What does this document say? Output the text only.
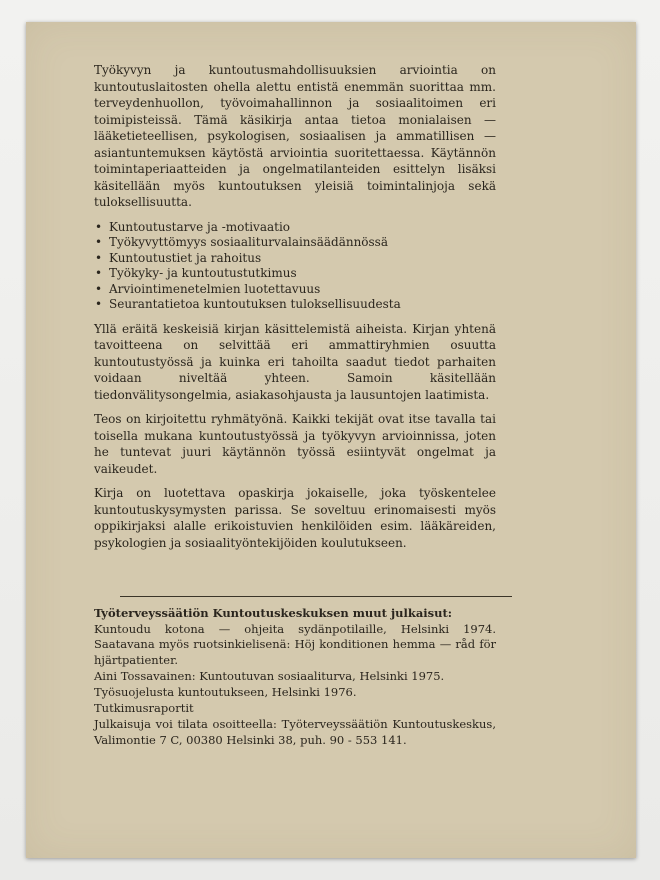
Työkyvyn ja kuntoutusmahdollisuuksien arviointia on kuntoutuslaitosten ohella alettu entistä enemmän suorittaa mm. terveydenhuollon, työvoimahallinnon ja sosiaalitoimen eri toimipisteissä. Tämä käsikirja antaa tietoa monialaisen — lääketieteellisen, psykologisen, sosiaalisen ja ammatillisen — asiantuntemuksen käytöstä arviointia suoritettaessa. Käytännön toimintaperiaatteiden ja ongelmatilanteiden esittelyn lisäksi käsitellään myös kuntoutuksen yleisiä toimintalinjoja sekä tuloksellisuutta.

• Kuntoutustarve ja -motivaatio
• Työkyvyttömyys sosiaaliturvalainsäädännössä
• Kuntoutustiet ja rahoitus
• Työkyky- ja kuntoutustutkimus
• Arviointimenetelmien luotettavuus
• Seurantatietoa kuntoutuksen tuloksellisuudesta

Yllä eräitä keskeisiä kirjan käsittelemistä aiheista. Kirjan yhtenä tavoitteena on selvittää eri ammattiryhmien osuutta kuntoutustyössä ja kuinka eri tahoilta saadut tiedot parhaiten voidaan niveltää yhteen. Samoin käsitellään tiedonvälitysongelmia, asiakasohjausta ja lausuntojen laatimista.

Teos on kirjoitettu ryhmätyönä. Kaikki tekijät ovat itse tavalla tai toisella mukana kuntoutustyössä ja työkyvyn arvioinnissa, joten he tuntevat juuri käytännön työssä esiintyvät ongelmat ja vaikeudet.

Kirja on luotettava opaskirja jokaiselle, joka työskentelee kuntoutuskysymysten parissa. Se soveltuu erinomaisesti myös oppikirjaksi alalle erikoistuvien henkilöiden esim. lääkäreiden, psykologien ja sosiaalityöntekijöiden koulutukseen.

Työterveyssäätiön Kuntoutuskeskuksen muut julkaisut:

Kuntoudu kotona — ohjeita sydänpotilaille, Helsinki 1974. Saatavana myös ruotsinkielisenä: Höj konditionen hemma — råd för hjärtpatienter.

Aini Tossavainen: Kuntoutuvan sosiaaliturva, Helsinki 1975.

Työsuojelusta kuntoutukseen, Helsinki 1976.

Tutkimusraportit

Julkaisuja voi tilata osoitteella: Työterveyssäätiön Kuntoutuskeskus, Valimontie 7 C, 00380 Helsinki 38, puh. 90 - 553 141.
